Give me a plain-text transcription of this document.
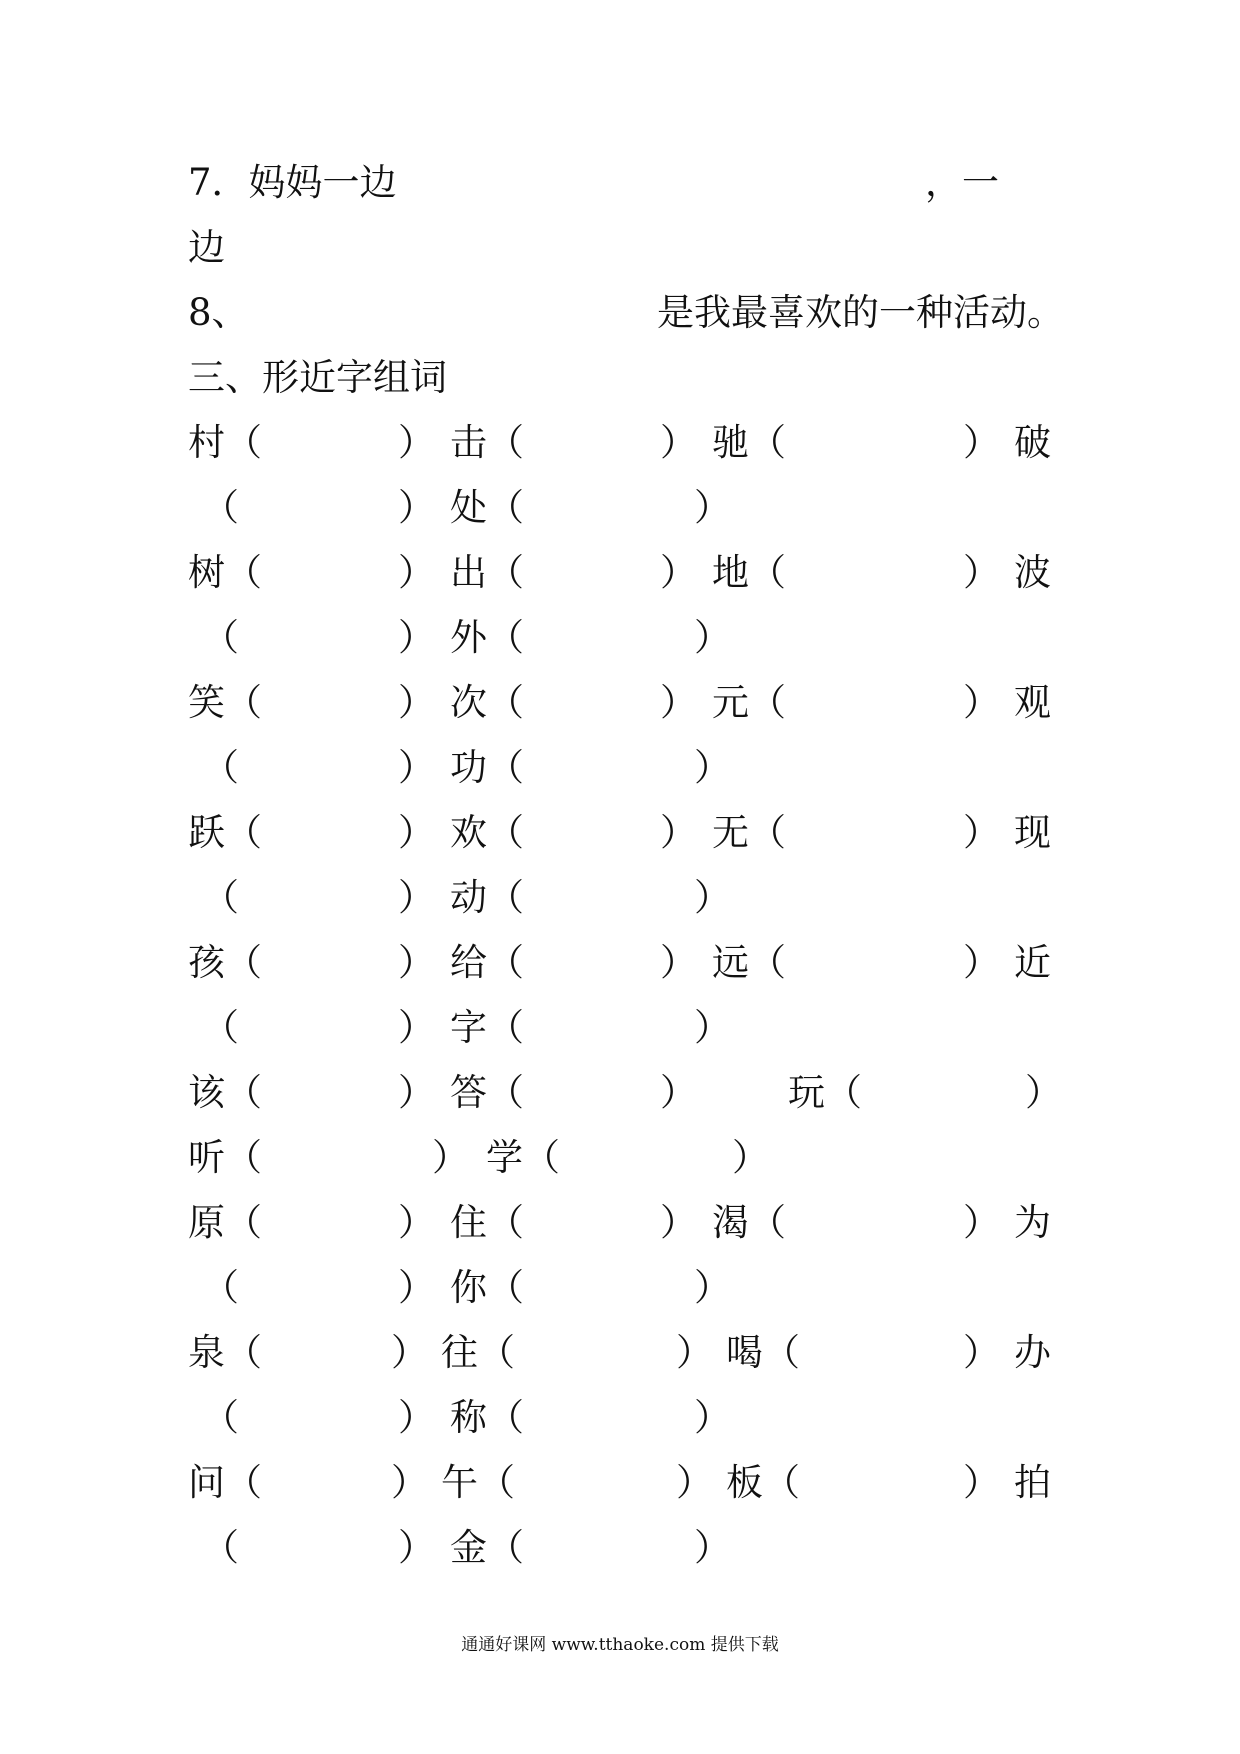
7．妈妈一边	，一
边
8、	是我最喜欢的一种活动。
三、形近字组词
村（	） 击（	） 驰（	） 破
（	） 处（	）
树（	） 出（	） 地（	） 波
（	） 外（	）
笑（	） 次（	） 元（	） 观
（	） 功（	）
跃（	） 欢（	） 无（	） 现
（	） 动（	）
孩（	） 给（	） 远（	） 近
（	） 字（	）
该（	） 答（	） 玩（	）
听（	） 学（	）
原（	） 住（	） 渴（	） 为
（	） 你（	）
泉（	） 往（	） 喝（	） 办
（	） 称（	）
问（	） 午（	） 板（	） 拍
（	） 金（	）
通通好课网 www.tthaoke.com 提供下载
